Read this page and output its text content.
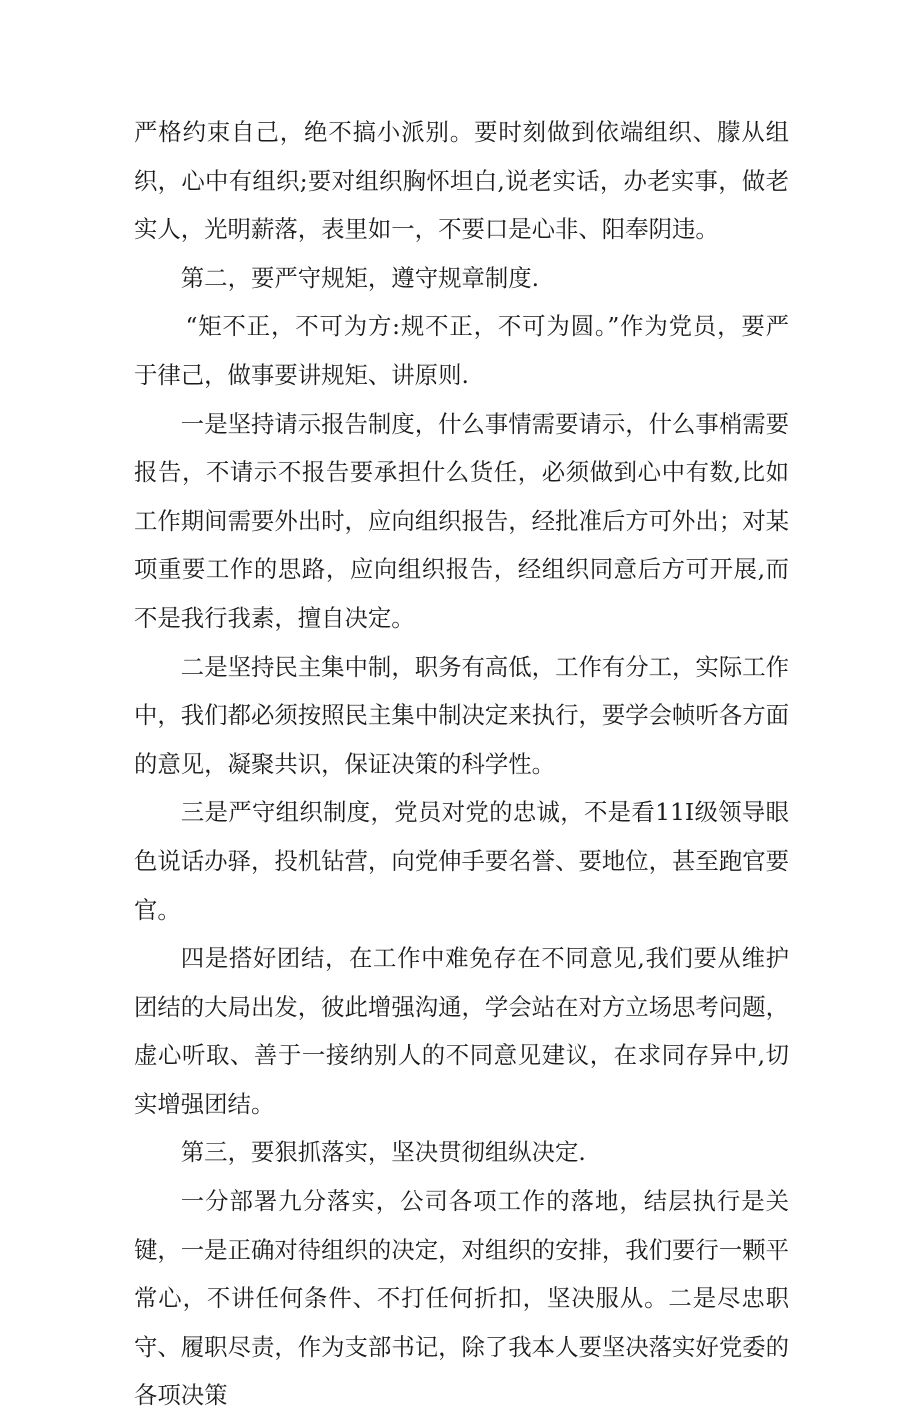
严格约束自己，绝不搞小派别。要时刻做到依端组织、朦从组织，心中有组织;要对组织胸怀坦白,说老实话，办老实事，做老实人，光明薪落，表里如一，不要口是心非、阳奉阴违。

第二，要严守规矩，遵守规章制度.

“矩不正，不可为方:规不正，不可为圆。”作为党员，要严于律己，做事要讲规矩、讲原则.

一是坚持请示报告制度，什么事情需要请示，什么事梢需要报告，不请示不报告要承担什么货任，必须做到心中有数,比如工作期间需要外出时，应向组织报告，经批准后方可外出；对某项重要工作的思路，应向组织报告，经组织同意后方可开展,而不是我行我素，擅自决定。

二是坚持民主集中制，职务有高低，工作有分工，实际工作中，我们都必须按照民主集中制决定来执行，要学会帧听各方面的意见，凝聚共识，保证决策的科学性。

三是严守组织制度，党员对党的忠诚，不是看11I级领导眼色说话办驿，投机钻营，向党伸手要名誉、要地位，甚至跑官要官。

四是搭好团结，在工作中难免存在不同意见,我们要从维护团结的大局出发，彼此增强沟通，学会站在对方立场思考问题，虚心听取、善于一接纳别人的不同意见建议，在求同存异中,切实增强团结。

第三，要狠抓落实，坚决贯彻组纵决定.

一分部署九分落实，公司各项工作的落地，结层执行是关键，一是正确对待组织的决定，对组织的安排，我们要行一颗平常心，不讲任何条件、不打任何折扣，坚决服从。二是尽忠职守、履职尽责，作为支部书记，除了我本人要坚决落实好党委的各项决策
